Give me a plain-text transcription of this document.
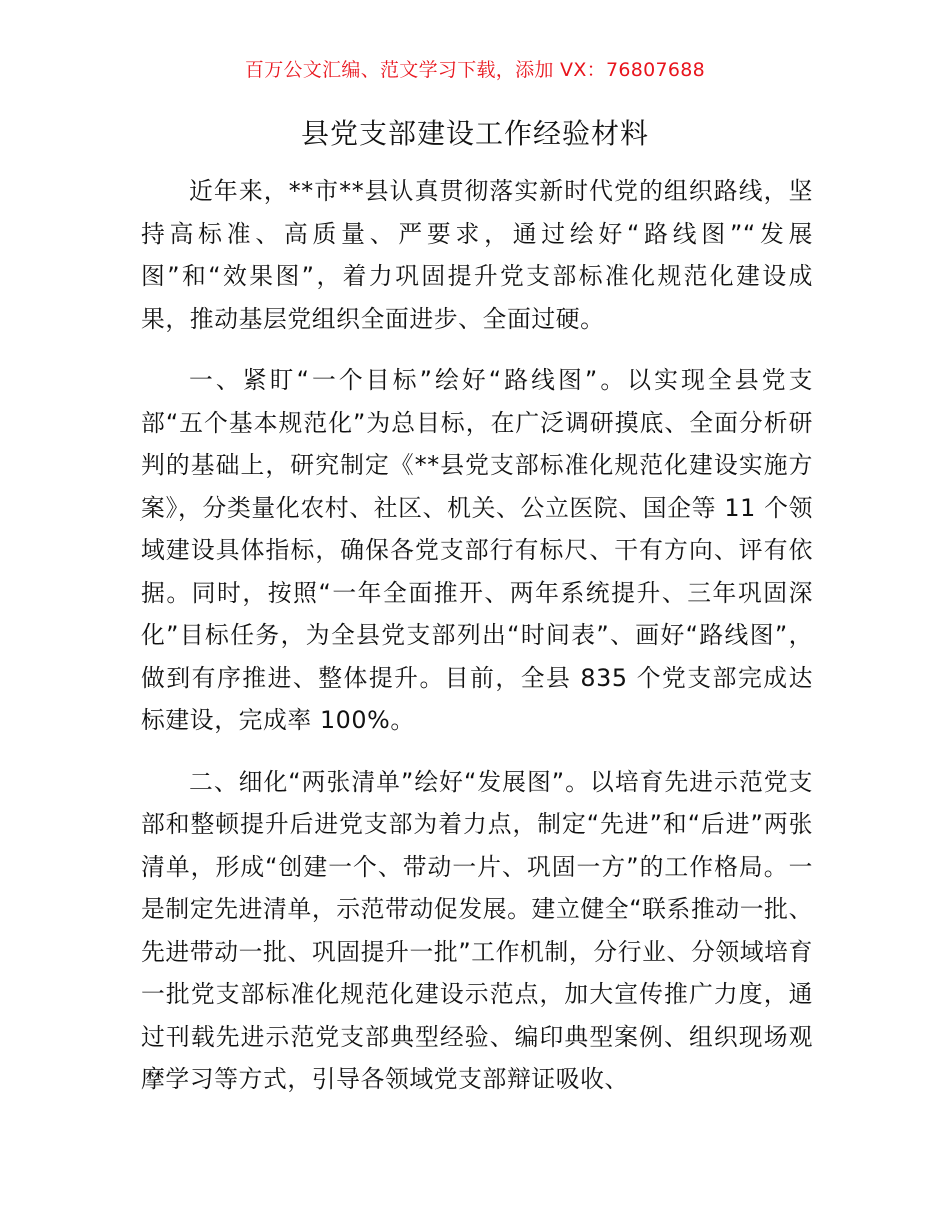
百万公文汇编、范文学习下载，添加 VX：76807688
县党支部建设工作经验材料

近年来，**市**县认真贯彻落实新时代党的组织路线，坚持高标准、高质量、严要求，通过绘好“路线图”“发展图”和“效果图”，着力巩固提升党支部标准化规范化建设成果，推动基层党组织全面进步、全面过硬。

一、紧盯“一个目标”绘好“路线图”。以实现全县党支部“五个基本规范化”为总目标，在广泛调研摸底、全面分析研判的基础上，研究制定《**县党支部标准化规范化建设实施方案》，分类量化农村、社区、机关、公立医院、国企等 11 个领域建设具体指标，确保各党支部行有标尺、干有方向、评有依据。同时，按照“一年全面推开、两年系统提升、三年巩固深化”目标任务，为全县党支部列出“时间表”、画好“路线图”，做到有序推进、整体提升。目前，全县 835 个党支部完成达标建设，完成率 100%。

二、细化“两张清单”绘好“发展图”。以培育先进示范党支部和整顿提升后进党支部为着力点，制定“先进”和“后进”两张清单，形成“创建一个、带动一片、巩固一方”的工作格局。一是制定先进清单，示范带动促发展。建立健全“联系推动一批、先进带动一批、巩固提升一批”工作机制，分行业、分领域培育一批党支部标准化规范化建设示范点，加大宣传推广力度，通过刊载先进示范党支部典型经验、编印典型案例、组织现场观摩学习等方式，引导各领域党支部辩证吸收、
